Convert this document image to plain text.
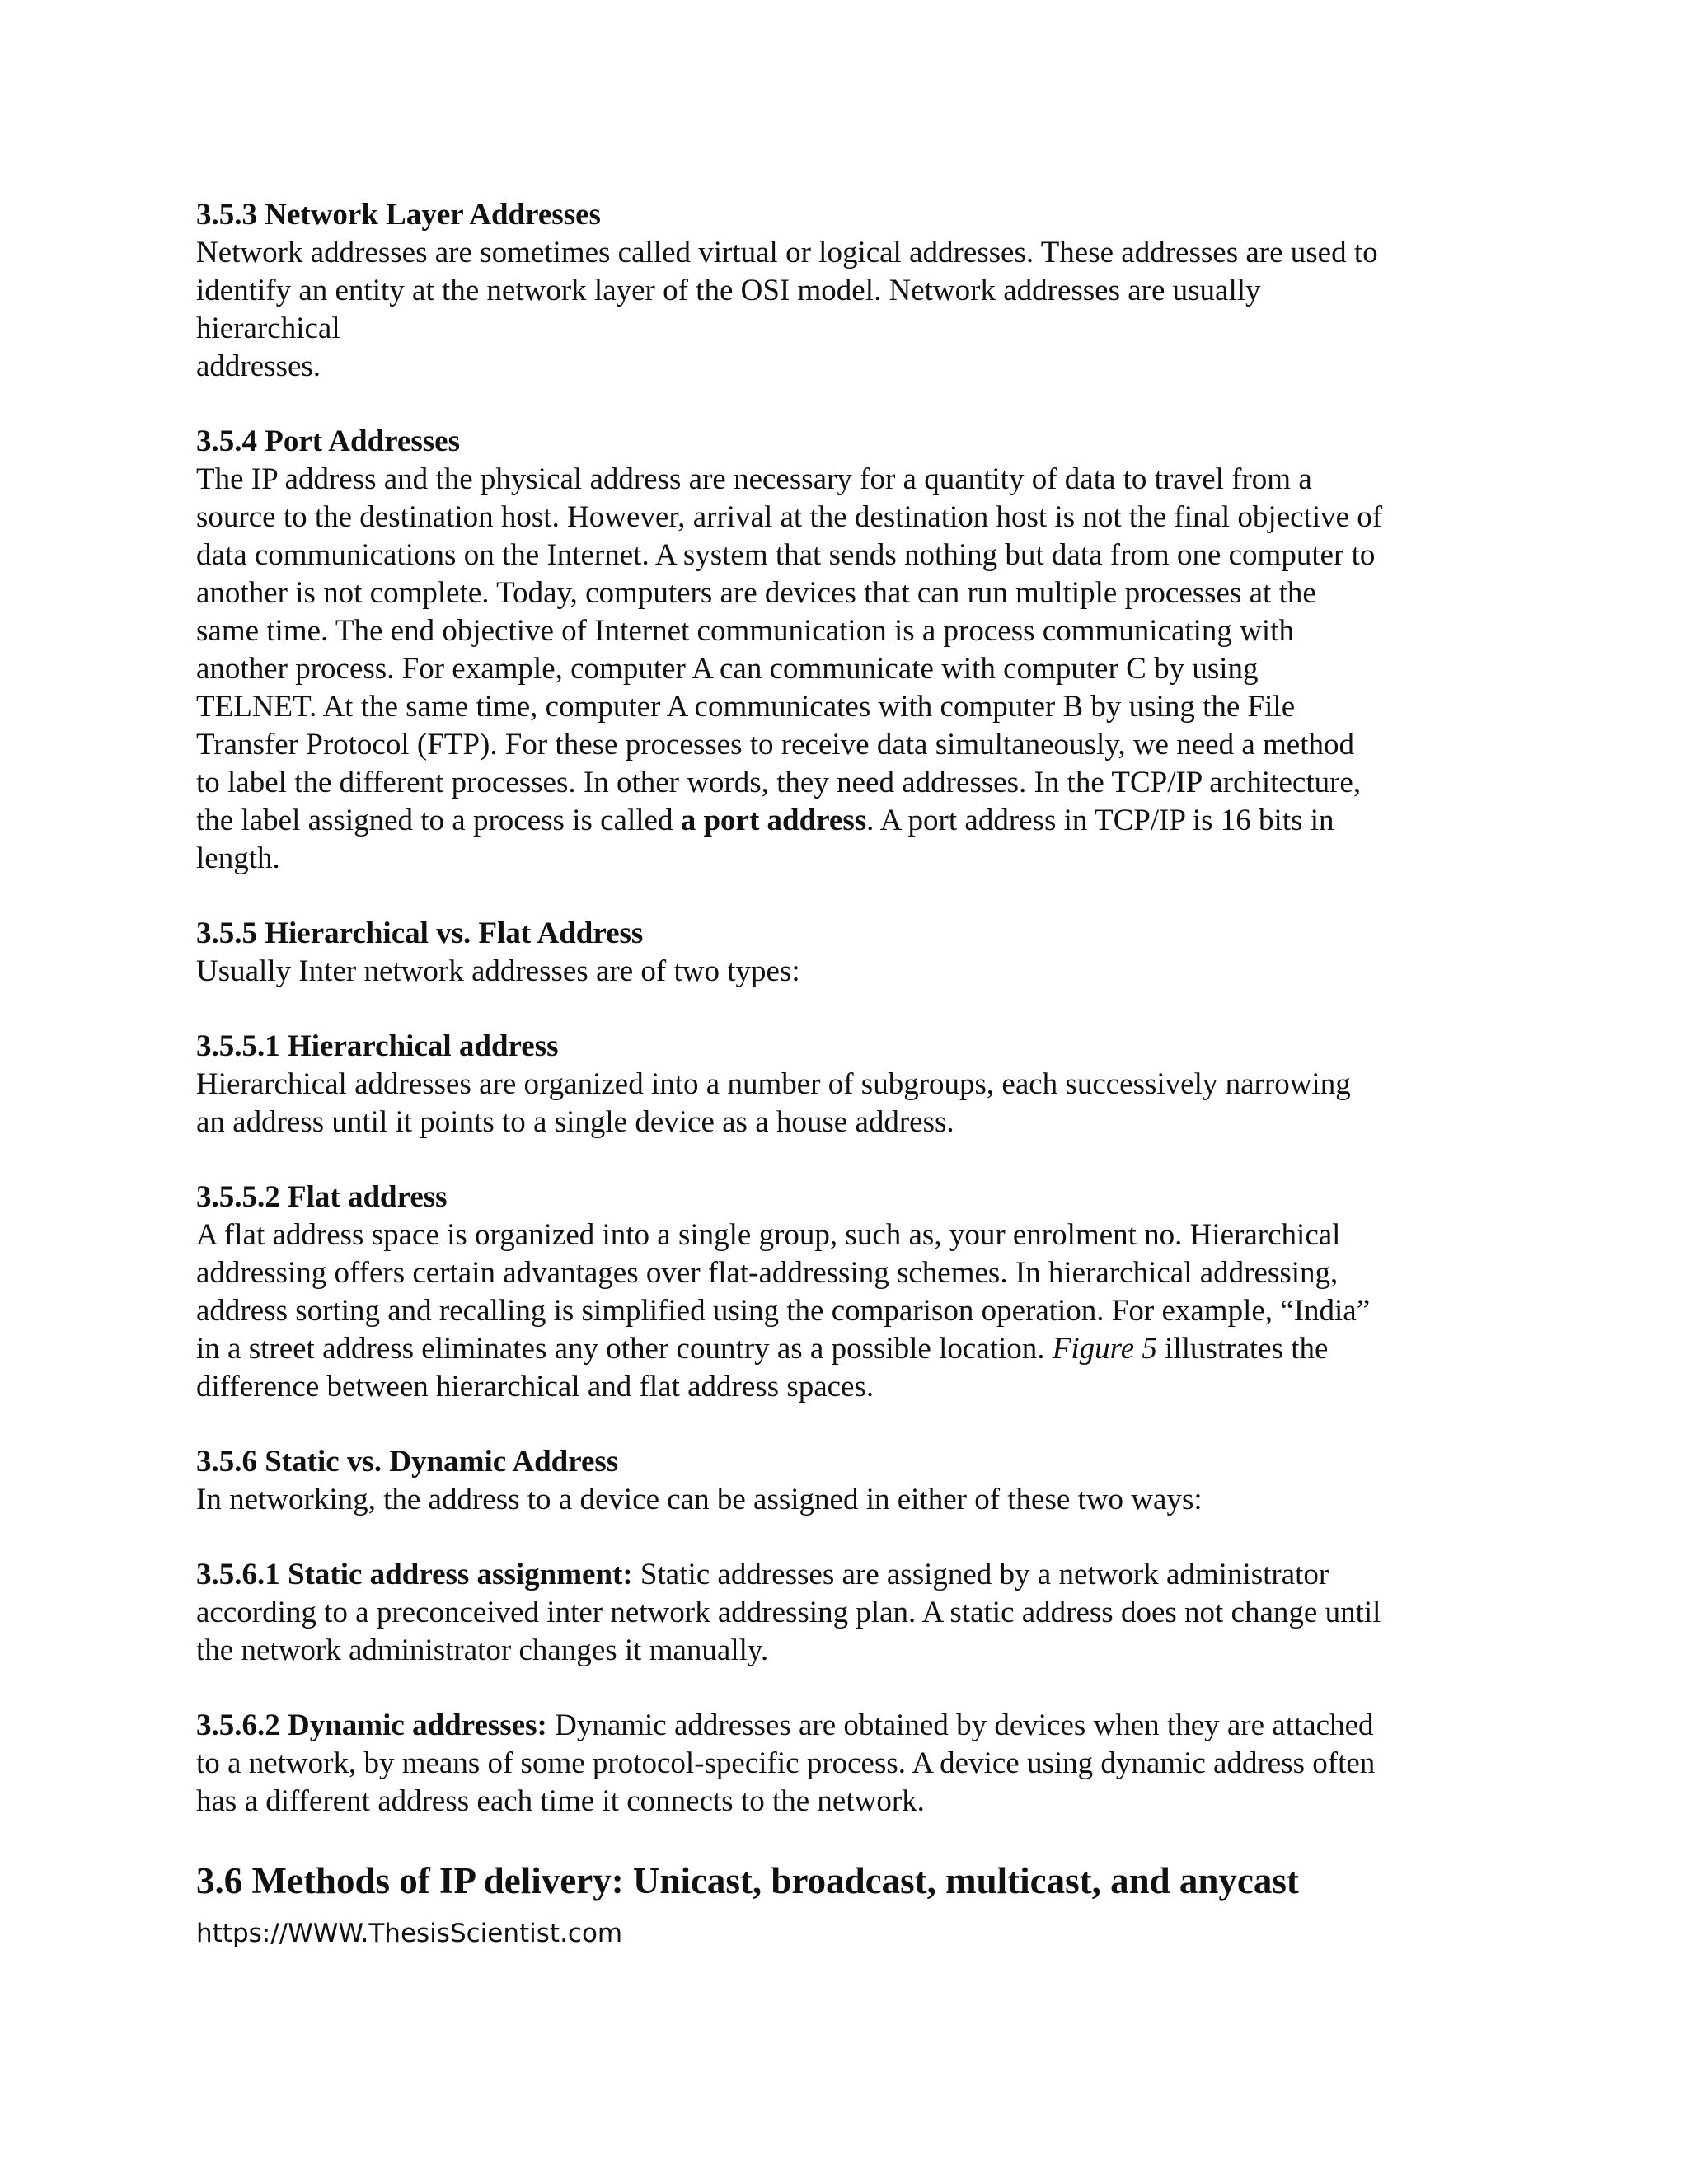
3.5.3 Network Layer Addresses
Network addresses are sometimes called virtual or logical addresses. These addresses are used to
identify an entity at the network layer of the OSI model. Network addresses are usually
hierarchical
addresses.
3.5.4 Port Addresses
The IP address and the physical address are necessary for a quantity of data to travel from a
source to the destination host. However, arrival at the destination host is not the final objective of
data communications on the Internet. A system that sends nothing but data from one computer to
another is not complete. Today, computers are devices that can run multiple processes at the
same time. The end objective of Internet communication is a process communicating with
another process. For example, computer A can communicate with computer C by using
TELNET. At the same time, computer A communicates with computer B by using the File
Transfer Protocol (FTP). For these processes to receive data simultaneously, we need a method
to label the different processes. In other words, they need addresses. In the TCP/IP architecture,
the label assigned to a process is called a port address. A port address in TCP/IP is 16 bits in
length.
3.5.5 Hierarchical vs. Flat Address
Usually Inter network addresses are of two types:
3.5.5.1 Hierarchical address
Hierarchical addresses are organized into a number of subgroups, each successively narrowing
an address until it points to a single device as a house address.
3.5.5.2 Flat address
A flat address space is organized into a single group, such as, your enrolment no. Hierarchical
addressing offers certain advantages over flat-addressing schemes. In hierarchical addressing,
address sorting and recalling is simplified using the comparison operation. For example, “India”
in a street address eliminates any other country as a possible location. Figure 5 illustrates the
difference between hierarchical and flat address spaces.
3.5.6 Static vs. Dynamic Address
In networking, the address to a device can be assigned in either of these two ways:
3.5.6.1 Static address assignment: Static addresses are assigned by a network administrator
according to a preconceived inter network addressing plan. A static address does not change until
the network administrator changes it manually.
3.5.6.2 Dynamic addresses: Dynamic addresses are obtained by devices when they are attached
to a network, by means of some protocol-specific process. A device using dynamic address often
has a different address each time it connects to the network.
3.6 Methods of IP delivery: Unicast, broadcast, multicast, and anycast
https://WWW.ThesisScientist.com
